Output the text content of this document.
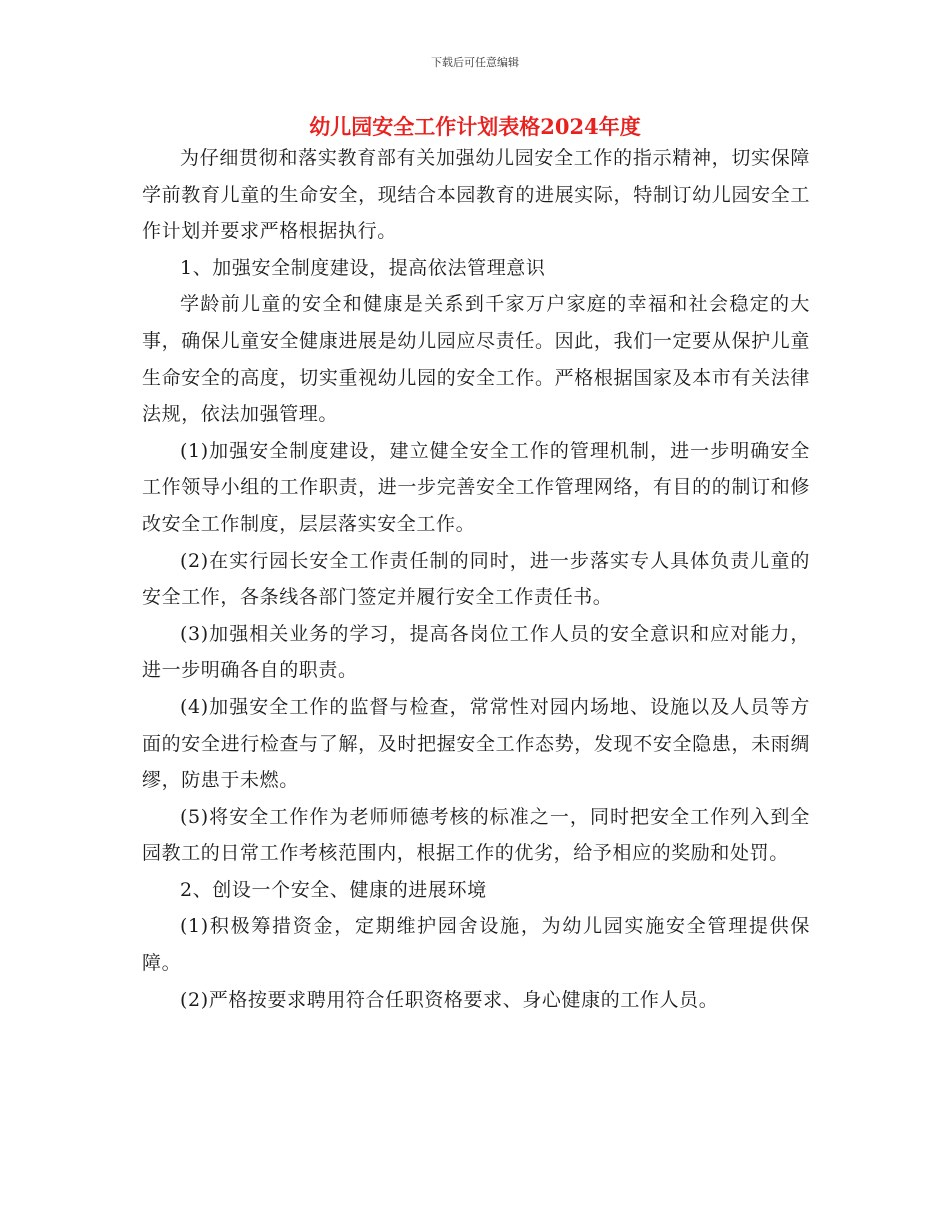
下载后可任意编辑
幼儿园安全工作计划表格2024年度

为仔细贯彻和落实教育部有关加强幼儿园安全工作的指示精神，切实保障学前教育儿童的生命安全，现结合本园教育的进展实际，特制订幼儿园安全工作计划并要求严格根据执行。

1、加强安全制度建设，提高依法管理意识

学龄前儿童的安全和健康是关系到千家万户家庭的幸福和社会稳定的大事，确保儿童安全健康进展是幼儿园应尽责任。因此，我们一定要从保护儿童生命安全的高度，切实重视幼儿园的安全工作。严格根据国家及本市有关法律法规，依法加强管理。

(1)加强安全制度建设，建立健全安全工作的管理机制，进一步明确安全工作领导小组的工作职责，进一步完善安全工作管理网络，有目的的制订和修改安全工作制度，层层落实安全工作。

(2)在实行园长安全工作责任制的同时，进一步落实专人具体负责儿童的安全工作，各条线各部门签定并履行安全工作责任书。

(3)加强相关业务的学习，提高各岗位工作人员的安全意识和应对能力，进一步明确各自的职责。

(4)加强安全工作的监督与检查，常常性对园内场地、设施以及人员等方面的安全进行检查与了解，及时把握安全工作态势，发现不安全隐患，未雨绸缪，防患于未燃。

(5)将安全工作作为老师师德考核的标准之一，同时把安全工作列入到全园教工的日常工作考核范围内，根据工作的优劣，给予相应的奖励和处罚。

2、创设一个安全、健康的进展环境

(1)积极筹措资金，定期维护园舍设施，为幼儿园实施安全管理提供保障。

(2)严格按要求聘用符合任职资格要求、身心健康的工作人员。
